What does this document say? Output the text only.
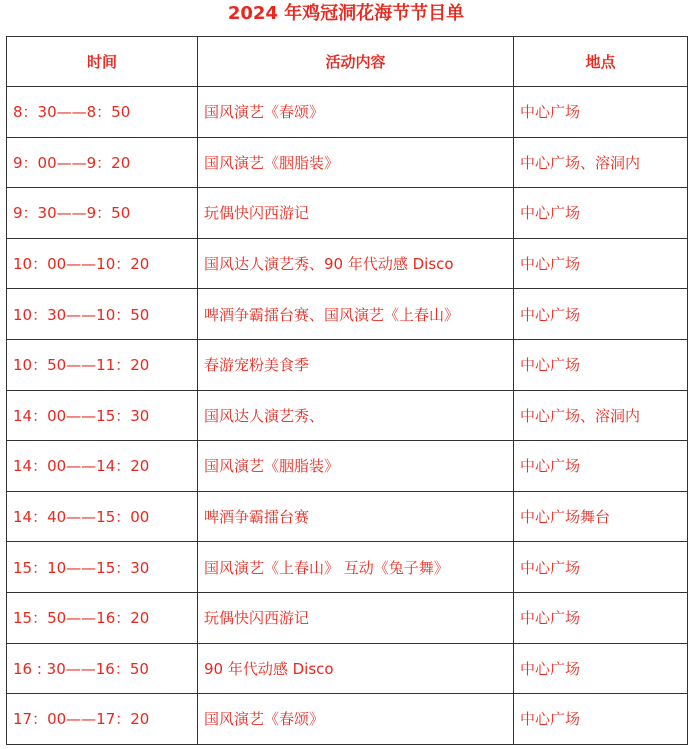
2024 年鸡冠洞花海节节目单
时间	活动内容	地点
8：30——8：50	国风演艺《春颂》	中心广场
9：00——9：20	国风演艺《胭脂装》	中心广场、溶洞内
9：30——9：50	玩偶快闪西游记	中心广场
10：00——10：20	国风达人演艺秀、90 年代动感 Disco	中心广场
10：30——10：50	啤酒争霸擂台赛、国风演艺《上春山》	中心广场
10：50——11：20	春游宠粉美食季	中心广场
14：00——15：30	国风达人演艺秀、	中心广场、溶洞内
14：00——14：20	国风演艺《胭脂装》	中心广场
14：40——15：00	啤酒争霸擂台赛	中心广场舞台
15：10——15：30	国风演艺《上春山》 互动《兔子舞》	中心广场
15：50——16：20	玩偶快闪西游记	中心广场
16 : 30——16：50	90 年代动感 Disco	中心广场
17：00——17：20	国风演艺《春颂》	中心广场
